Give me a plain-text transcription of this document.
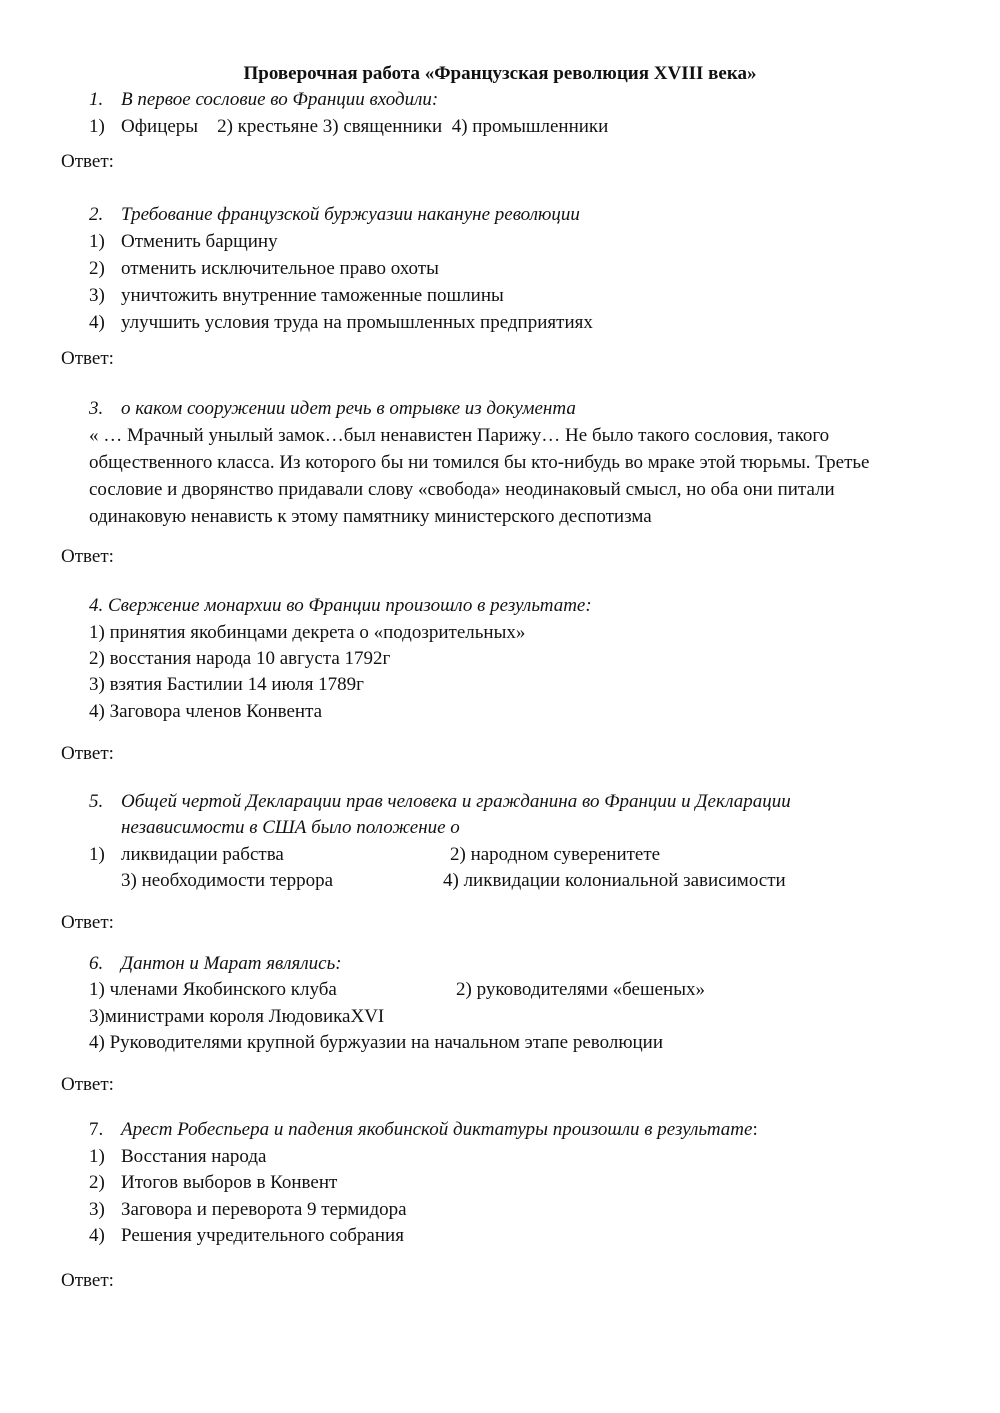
Проверочная работа «Французская революция XVIII века»
1. В первое сословие во Франции входили:
1) Офицеры    2) крестьяне 3) священники  4) промышленники
Ответ:
2. Требование французской буржуазии накануне революции
1) Отменить барщину
2) отменить исключительное право охоты
3) уничтожить внутренние таможенные пошлины
4) улучшить условия труда на промышленных предприятиях
Ответ:
3. о каком сооружении идет речь в отрывке из документа
« … Мрачный унылый замок…был ненавистен Парижу… Не было такого сословия, такого
общественного класса. Из которого бы ни томился бы кто-нибудь во мраке этой тюрьмы. Третье
сословие и дворянство придавали слову «свобода» неодинаковый смысл, но оба они питали
одинаковую ненависть к этому памятнику министерского деспотизма
Ответ:
4. Свержение монархии во Франции произошло в результате:
1) принятия якобинцами декрета о «подозрительных»
2) восстания народа 10 августа 1792г
3) взятия Бастилии 14 июля 1789г
4) Заговора членов Конвента
Ответ:
5. Общей чертой Декларации прав человека и гражданина во Франции и Декларации
независимости в США было положение о
1) ликвидации рабства	2) народном суверенитете
3) необходимости террора	4) ликвидации колониальной зависимости
Ответ:
6. Дантон и Марат являлись:
1) членами Якобинского клуба	2) руководителями «бешеных»
3)министрами короля ЛюдовикаXVI
4) Руководителями крупной буржуазии на начальном этапе революции
Ответ:
7. Арест Робеспьера и падения якобинской диктатуры произошли в результате:
1) Восстания народа
2) Итогов выборов в Конвент
3) Заговора и переворота 9 термидора
4) Решения учредительного собрания
Ответ:
